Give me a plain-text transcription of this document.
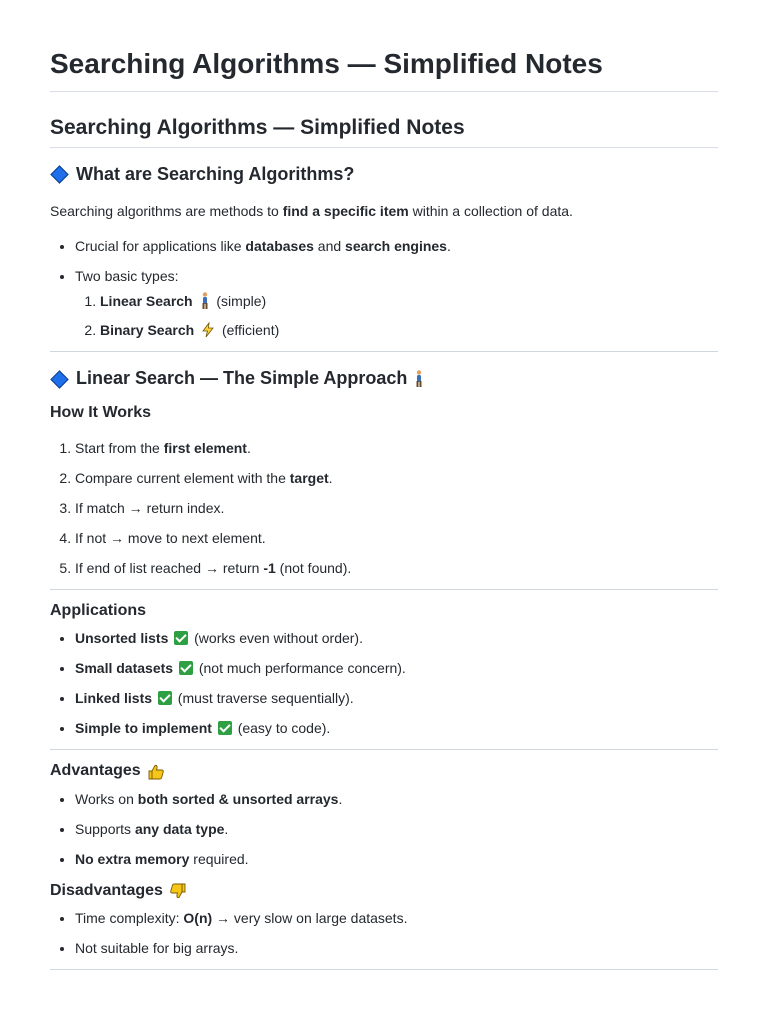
Searching Algorithms — Simplified Notes
Searching Algorithms — Simplified Notes
What are Searching Algorithms?

Searching algorithms are methods to find a specific item within a collection of data.

• Crucial for applications like databases and search engines.
• Two basic types:
1. Linear Search  (simple)
2. Binary Search  (efficient)
Linear Search — The Simple Approach
How It Works
1. Start from the first element.
2. Compare current element with the target.
3. If match → return index.
4. If not → move to next element.
5. If end of list reached → return -1 (not found).
Applications
• Unsorted lists  (works even without order).
• Small datasets  (not much performance concern).
• Linked lists  (must traverse sequentially).
• Simple to implement  (easy to code).
Advantages
• Works on both sorted & unsorted arrays.
• Supports any data type.
• No extra memory required.
Disadvantages
• Time complexity: O(n) → very slow on large datasets.
• Not suitable for big arrays.
